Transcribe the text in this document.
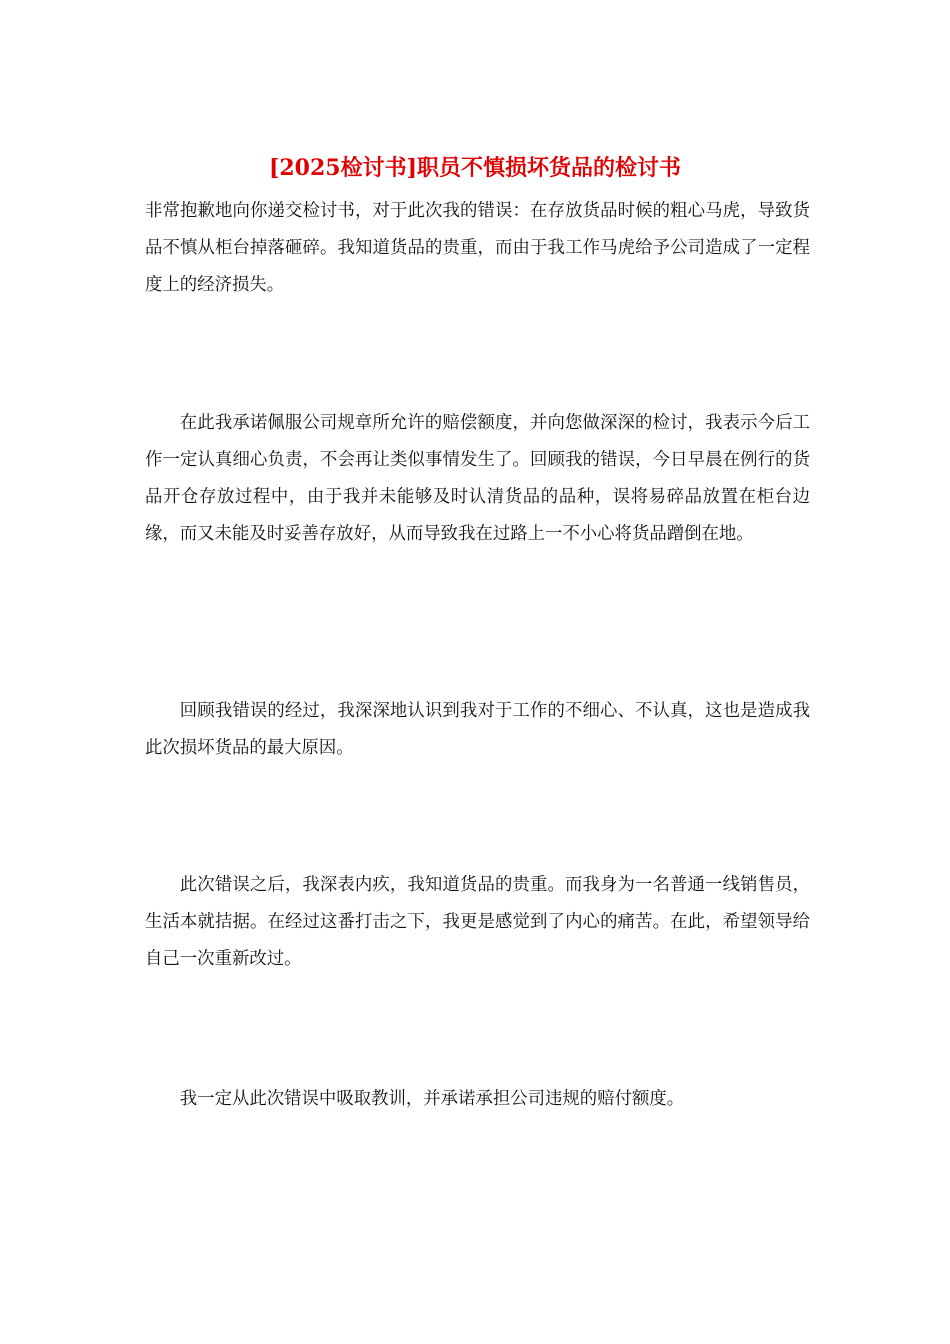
[2025检讨书]职员不慎损坏货品的检讨书

非常抱歉地向你递交检讨书，对于此次我的错误：在存放货品时候的粗心马虎，导致货品不慎从柜台掉落砸碎。我知道货品的贵重，而由于我工作马虎给予公司造成了一定程度上的经济损失。

在此我承诺佩服公司规章所允许的赔偿额度，并向您做深深的检讨，我表示今后工作一定认真细心负责，不会再让类似事情发生了。回顾我的错误，今日早晨在例行的货品开仓存放过程中，由于我并未能够及时认清货品的品种，误将易碎品放置在柜台边缘，而又未能及时妥善存放好，从而导致我在过路上一不小心将货品蹭倒在地。

回顾我错误的经过，我深深地认识到我对于工作的不细心、不认真，这也是造成我此次损坏货品的最大原因。

此次错误之后，我深表内疚，我知道货品的贵重。而我身为一名普通一线销售员，生活本就拮据。在经过这番打击之下，我更是感觉到了内心的痛苦。在此，希望领导给自己一次重新改过。

我一定从此次错误中吸取教训，并承诺承担公司违规的赔付额度。
